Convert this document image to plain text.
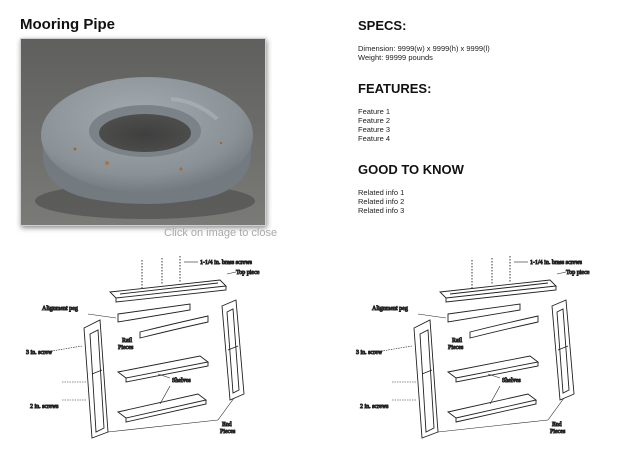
Mooring Pipe
Click on image to close
SPECS:
Dimension: 9999(w) x 9999(h) x 9999(l)
Weight: 99999 pounds
FEATURES:
Feature 1
Feature 2
Feature 3
Feature 4
GOOD TO KNOW
Related info 1
Related info 2
Related info 3
1-1/4 in. brass screws
Top piece
Alignment peg
Rail
Pieces
3 in. screw
Shelves
2 in. screws
End
Pieces
1-1/4 in. brass screws
Top piece
Alignment peg
Rail
Pieces
3 in. screw
Shelves
2 in. screws
End
Pieces
